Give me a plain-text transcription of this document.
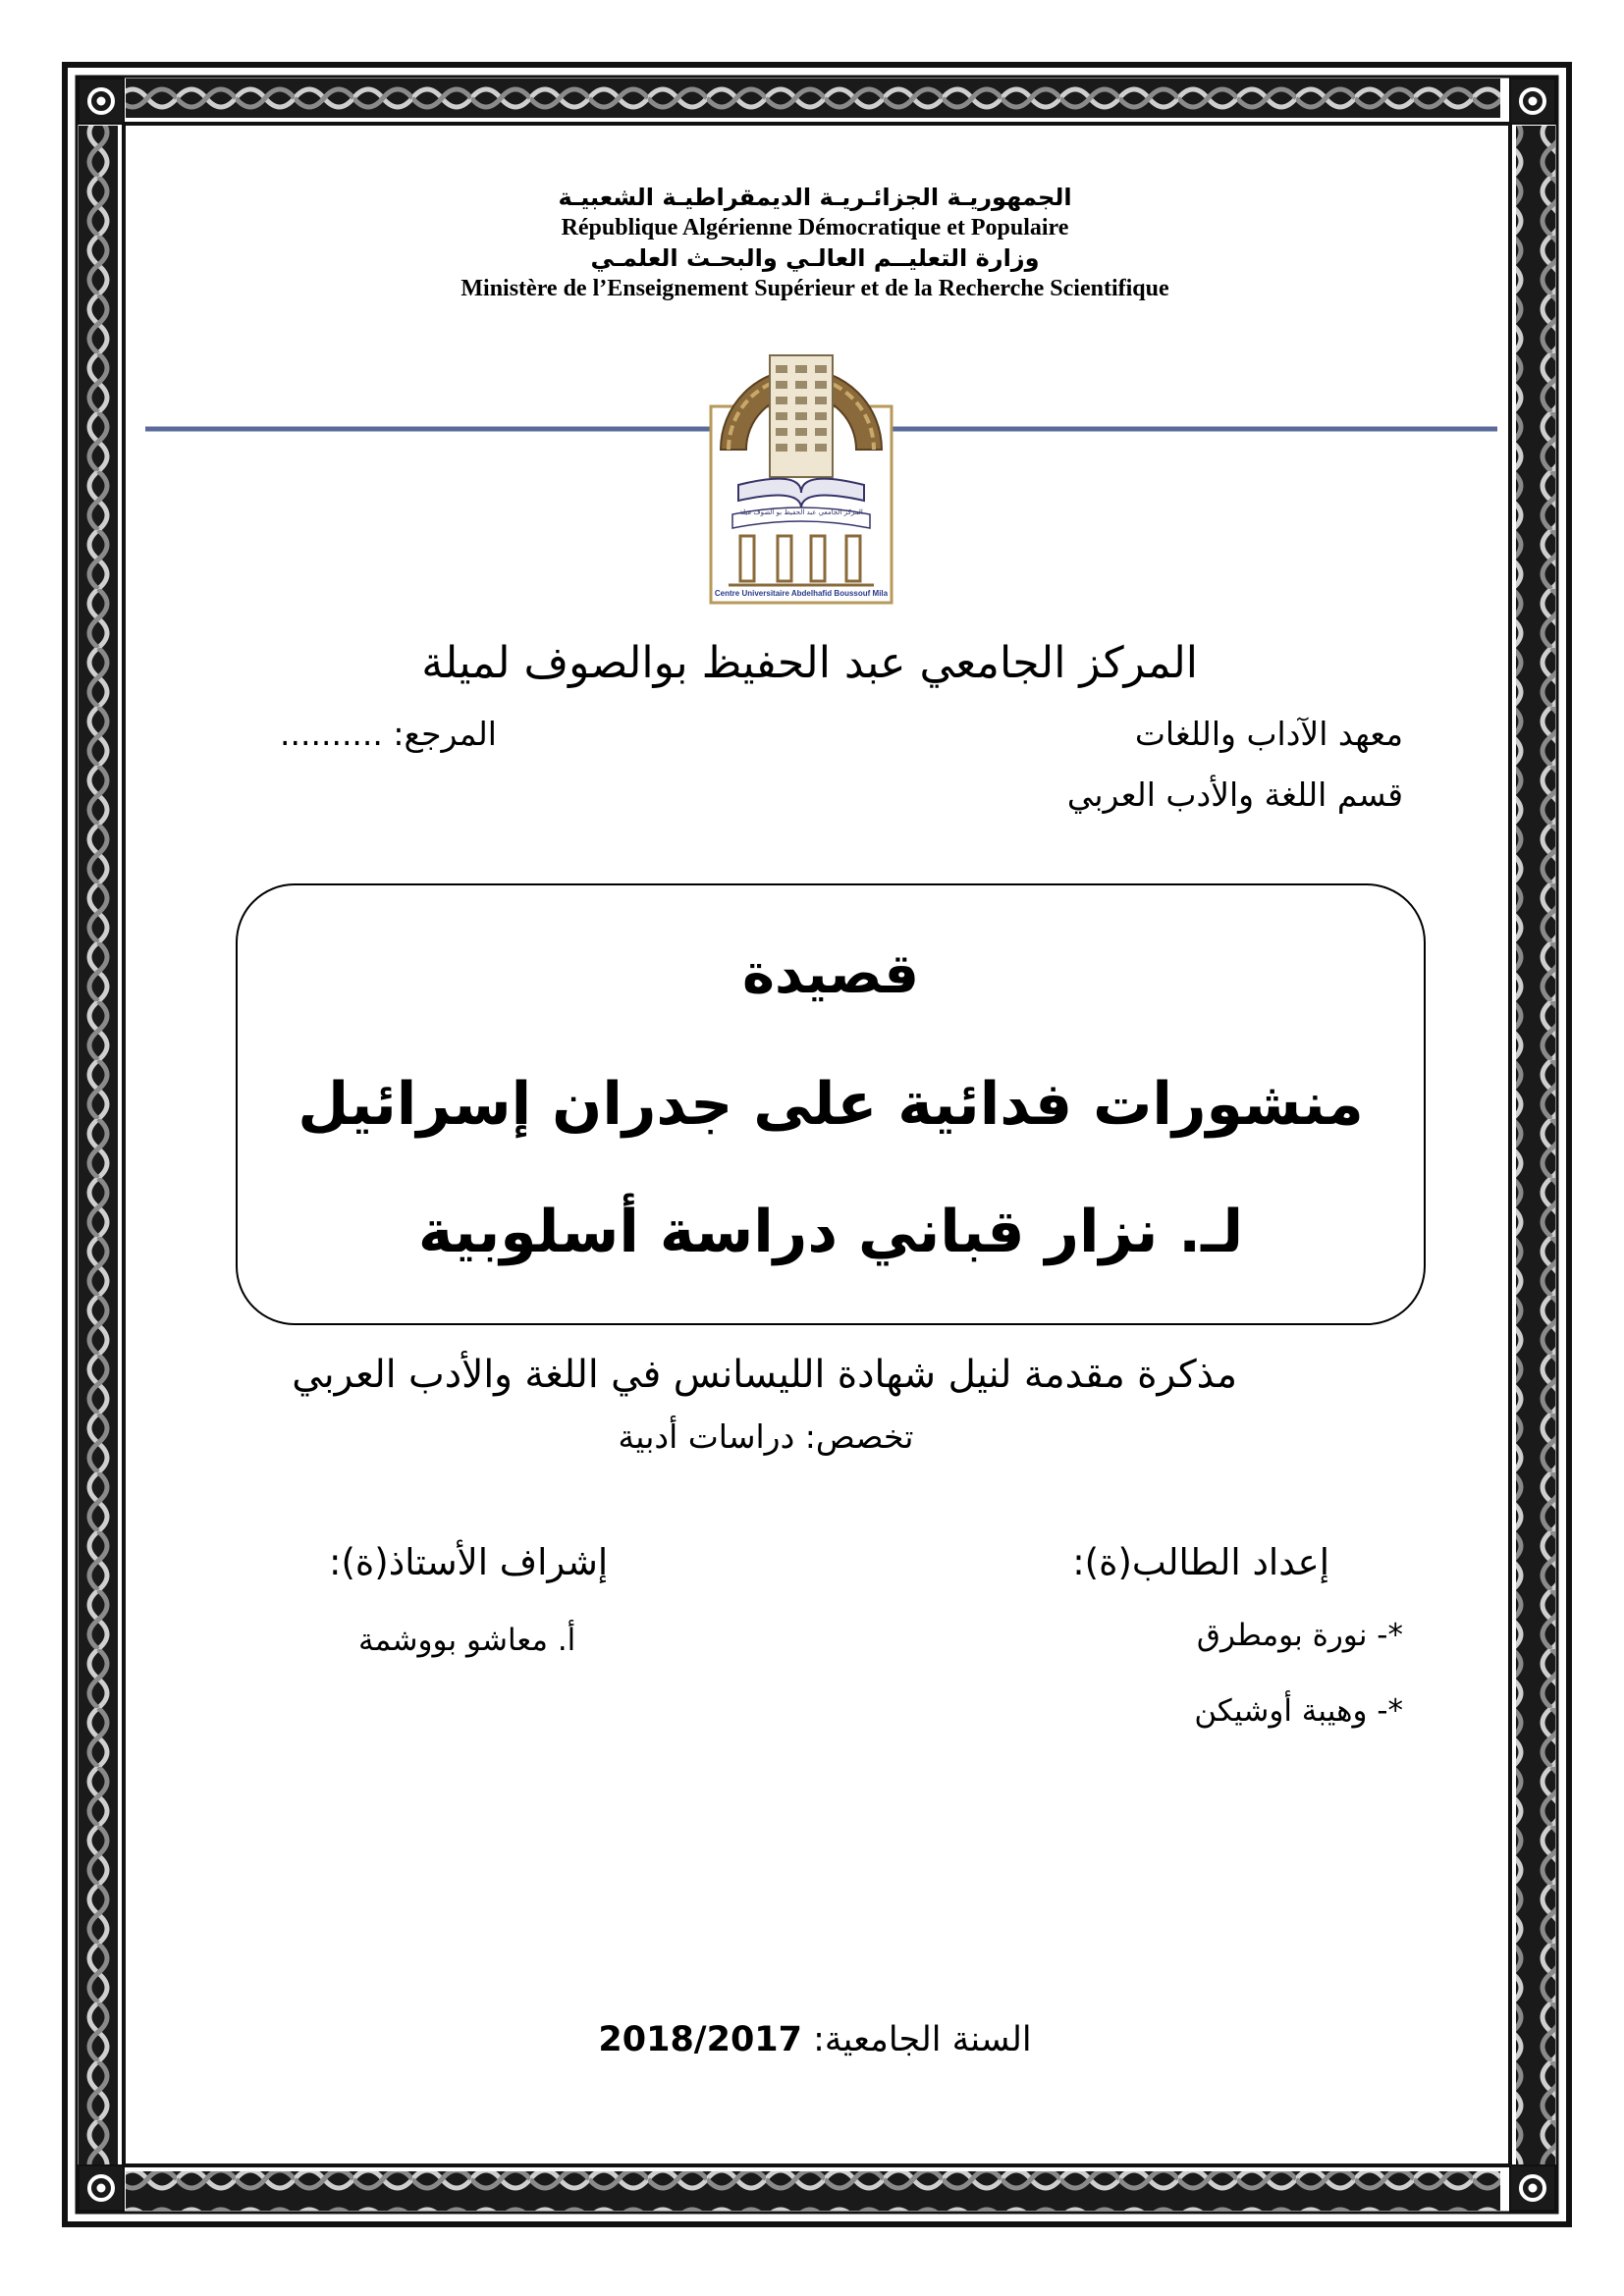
الجمهوريـة الجزائـريـة الديمقراطيـة الشعبيـة
République Algérienne Démocratique et Populaire
وزارة التعليــم العالـي والبحـث العلمـي
Ministère de l’Enseignement Supérieur et de la Recherche Scientifique
المركز الجامعي عبد الحفيظ بو الصوف ميلة
Centre Universitaire Abdelhafid Boussouf Mila
المركز الجامعي عبد الحفيظ بوالصوف لميلة
معهد الآداب واللغات
المرجع: ..........
قسم اللغة والأدب العربي
قصيدة
منشورات فدائية على جدران إسرائيل
لـ. نزار قباني دراسة أسلوبية
مذكرة مقدمة لنيل شهادة الليسانس في اللغة والأدب العربي
تخصص: دراسات أدبية
إعداد الطالب(ة):
إشراف الأستاذ(ة):
*- نورة بومطرق
*- وهيبة أوشيكن
أ. معاشو بووشمة
السنة الجامعية: 2018/2017
